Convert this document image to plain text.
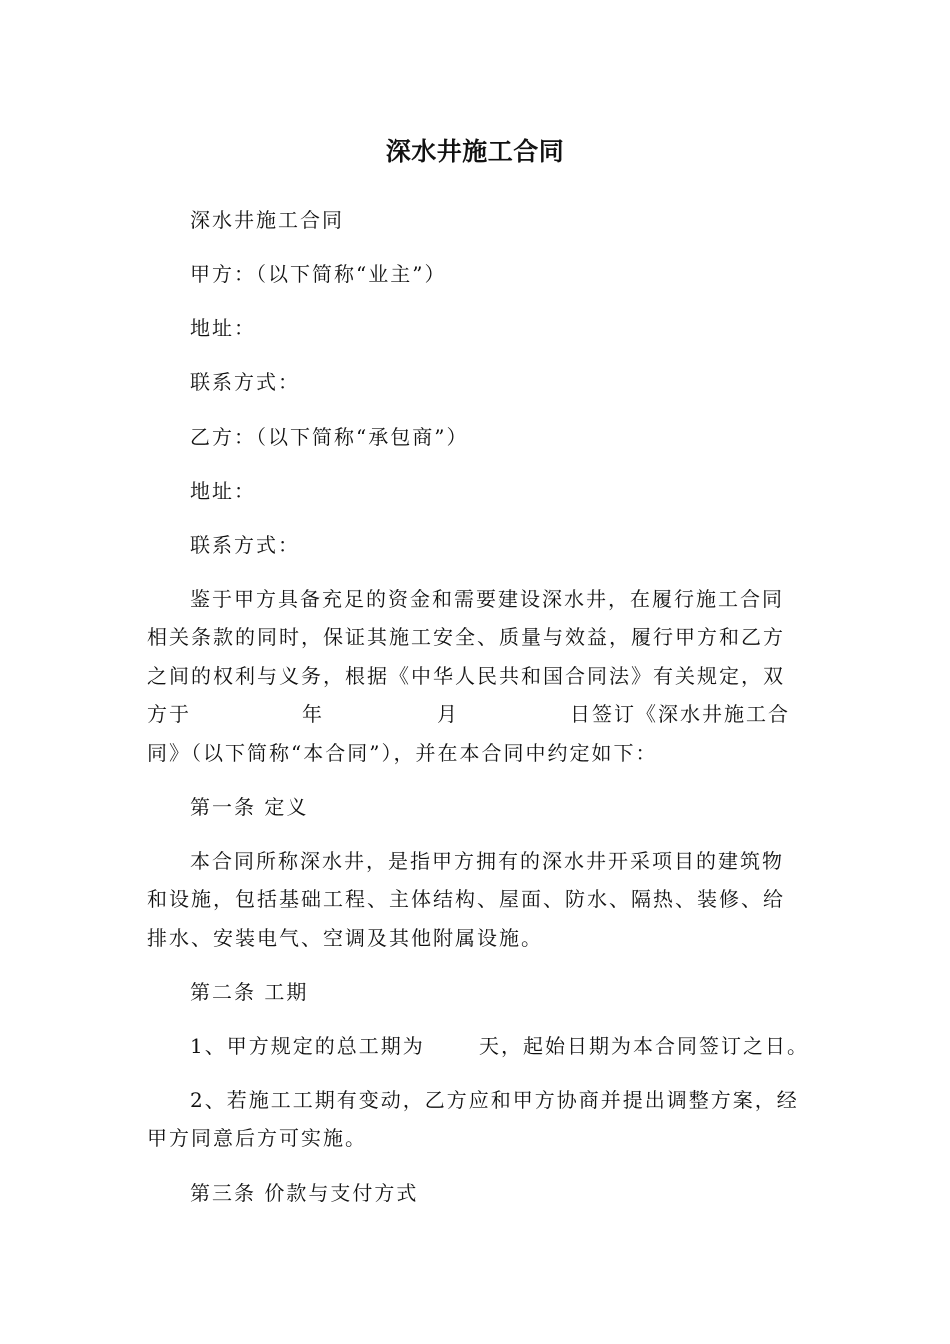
深水井施工合同
深水井施工合同
甲方：（以下简称“业主”）
地址：
联系方式：
乙方：（以下简称“承包商”）
地址：
联系方式：
鉴于甲方具备充足的资金和需要建设深水井，在履行施工合同
相关条款的同时，保证其施工安全、质量与效益，履行甲方和乙方
之间的权利与义务，根据《中华人民共和国合同法》有关规定，双
方于	年	月	日签订《深水井施工合
同》（以下简称“本合同”），并在本合同中约定如下：
第一条 定义
本合同所称深水井，是指甲方拥有的深水井开采项目的建筑物
和设施，包括基础工程、主体结构、屋面、防水、隔热、装修、给
排水、安装电气、空调及其他附属设施。
第二条 工期
1、甲方规定的总工期为	天，起始日期为本合同签订之日。
2、若施工工期有变动，乙方应和甲方协商并提出调整方案，经
甲方同意后方可实施。
第三条 价款与支付方式
